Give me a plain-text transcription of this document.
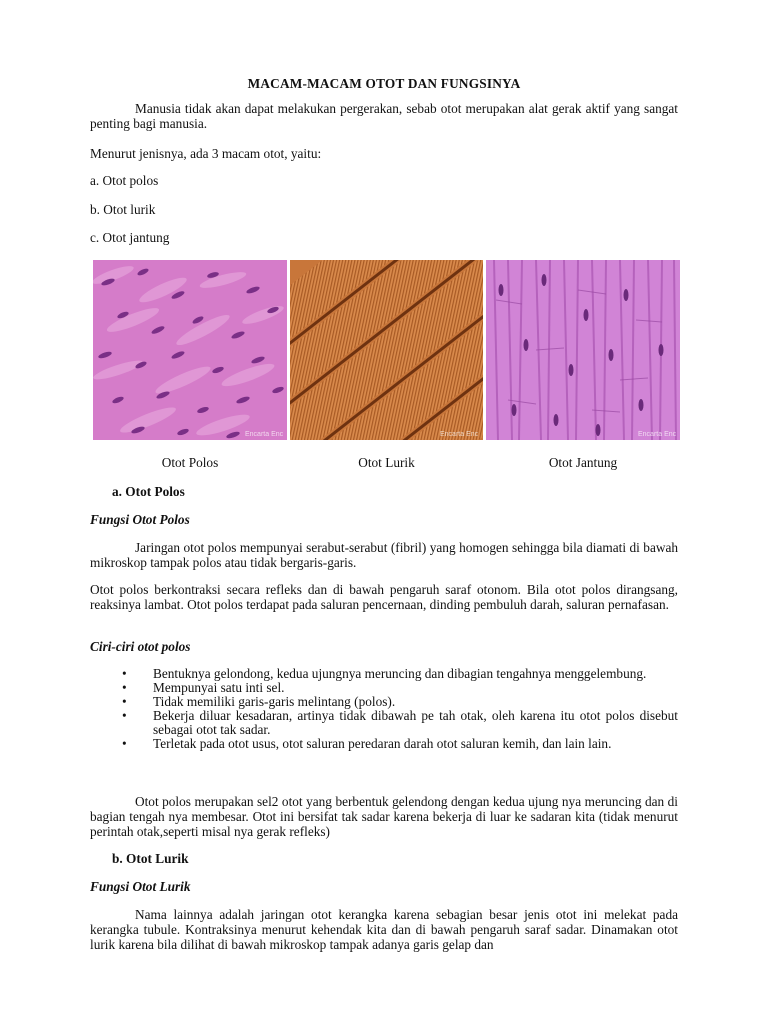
MACAM-MACAM OTOT DAN FUNGSINYA
Manusia tidak akan dapat melakukan pergerakan, sebab otot merupakan alat gerak aktif yang sangat penting bagi manusia.
Menurut jenisnya, ada 3 macam otot, yaitu:
a. Otot polos
b. Otot lurik
c. Otot jantung
Encarta Enc	Encarta Enc	Encarta Enc
Otot Polos	Otot Lurik	Otot Jantung
a. Otot Polos
Fungsi Otot Polos
Jaringan otot polos mempunyai serabut-serabut (fibril) yang homogen sehingga bila diamati di bawah mikroskop tampak polos atau tidak bergaris-garis.
Otot polos berkontraksi secara refleks dan di bawah pengaruh saraf otonom. Bila otot polos dirangsang, reaksinya lambat. Otot polos terdapat pada saluran pencernaan, dinding pembuluh darah, saluran pernafasan.
Ciri-ciri otot polos
• Bentuknya gelondong, kedua ujungnya meruncing dan dibagian tengahnya menggelembung.
• Mempunyai satu inti sel.
• Tidak memiliki garis-garis melintang (polos).
• Bekerja diluar kesadaran, artinya tidak dibawah pe tah otak, oleh karena itu otot polos disebut sebagai otot tak sadar.
• Terletak pada otot usus, otot saluran peredaran darah otot saluran kemih, dan lain lain.
Otot polos merupakan sel2 otot yang berbentuk gelendong dengan kedua ujung nya meruncing dan di bagian tengah nya membesar. Otot ini bersifat tak sadar karena bekerja di luar ke sadaran kita (tidak menurut perintah otak,seperti misal nya gerak refleks)
b. Otot Lurik
Fungsi Otot Lurik
Nama lainnya adalah jaringan otot kerangka karena sebagian besar jenis otot ini melekat pada kerangka tubule. Kontraksinya menurut kehendak kita dan di bawah pengaruh saraf sadar. Dinamakan otot lurik karena bila dilihat di bawah mikroskop tampak adanya garis gelap dan
